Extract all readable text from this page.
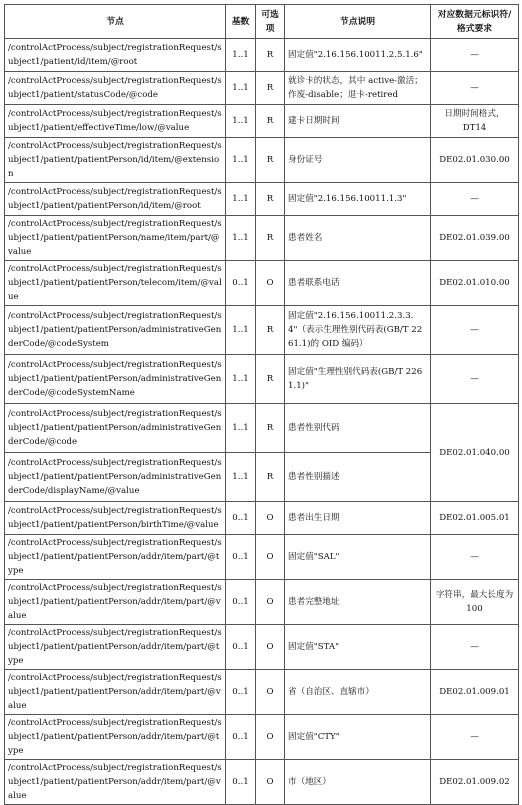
节点	基数	可选项	节点说明	对应数据元标识符/格式要求
/controlActProcess/subject/registrationRequest/subject1/patient/id/item/@root	1..1	R	固定值"2.16.156.10011.2.5.1.6"	—
/controlActProcess/subject/registrationRequest/subject1/patient/statusCode/@code	1..1	R	就诊卡的状态，其中 active-激活；作废-disable；退卡-retired	—
/controlActProcess/subject/registrationRequest/subject1/patient/effectiveTime/low/@value	1..1	R	建卡日期时间	日期时间格式，DT14
/controlActProcess/subject/registrationRequest/subject1/patient/patientPerson/id/item/@extension	1..1	R	身份证号	DE02.01.030.00
/controlActProcess/subject/registrationRequest/subject1/patient/patientPerson/id/item/@root	1..1	R	固定值"2.16.156.10011.1.3"	—
/controlActProcess/subject/registrationRequest/subject1/patient/patientPerson/name/item/part/@value	1..1	R	患者姓名	DE02.01.039.00
/controlActProcess/subject/registrationRequest/subject1/patient/patientPerson/telecom/item/@value	0..1	O	患者联系电话	DE02.01.010.00
/controlActProcess/subject/registrationRequest/subject1/patient/patientPerson/administrativeGenderCode/@codeSystem	1..1	R	固定值"2.16.156.10011.2.3.3.4"（表示生理性别代码表(GB/T 2261.1)的 OID 编码）	—
/controlActProcess/subject/registrationRequest/subject1/patient/patientPerson/administrativeGenderCode/@codeSystemName	1..1	R	固定值"生理性别代码表(GB/T 2261.1)"	—
/controlActProcess/subject/registrationRequest/subject1/patient/patientPerson/administrativeGenderCode/@code	1..1	R	患者性别代码	DE02.01.040.00
/controlActProcess/subject/registrationRequest/subject1/patient/patientPerson/administrativeGenderCode/displayName/@value	1..1	R	患者性别描述	
/controlActProcess/subject/registrationRequest/subject1/patient/patientPerson/birthTime/@value	0..1	O	患者出生日期	DE02.01.005.01
/controlActProcess/subject/registrationRequest/subject1/patient/patientPerson/addr/item/part/@type	0..1	O	固定值"SAL"	—
/controlActProcess/subject/registrationRequest/subject1/patient/patientPerson/addr/item/part/@value	0..1	O	患者完整地址	字符串，最大长度为 100
/controlActProcess/subject/registrationRequest/subject1/patient/patientPerson/addr/item/part/@type	0..1	O	固定值"STA"	—
/controlActProcess/subject/registrationRequest/subject1/patient/patientPerson/addr/item/part/@value	0..1	O	省（自治区、直辖市）	DE02.01.009.01
/controlActProcess/subject/registrationRequest/subject1/patient/patientPerson/addr/item/part/@type	0..1	O	固定值"CTY"	—
/controlActProcess/subject/registrationRequest/subject1/patient/patientPerson/addr/item/part/@value	0..1	O	市（地区）	DE02.01.009.02
